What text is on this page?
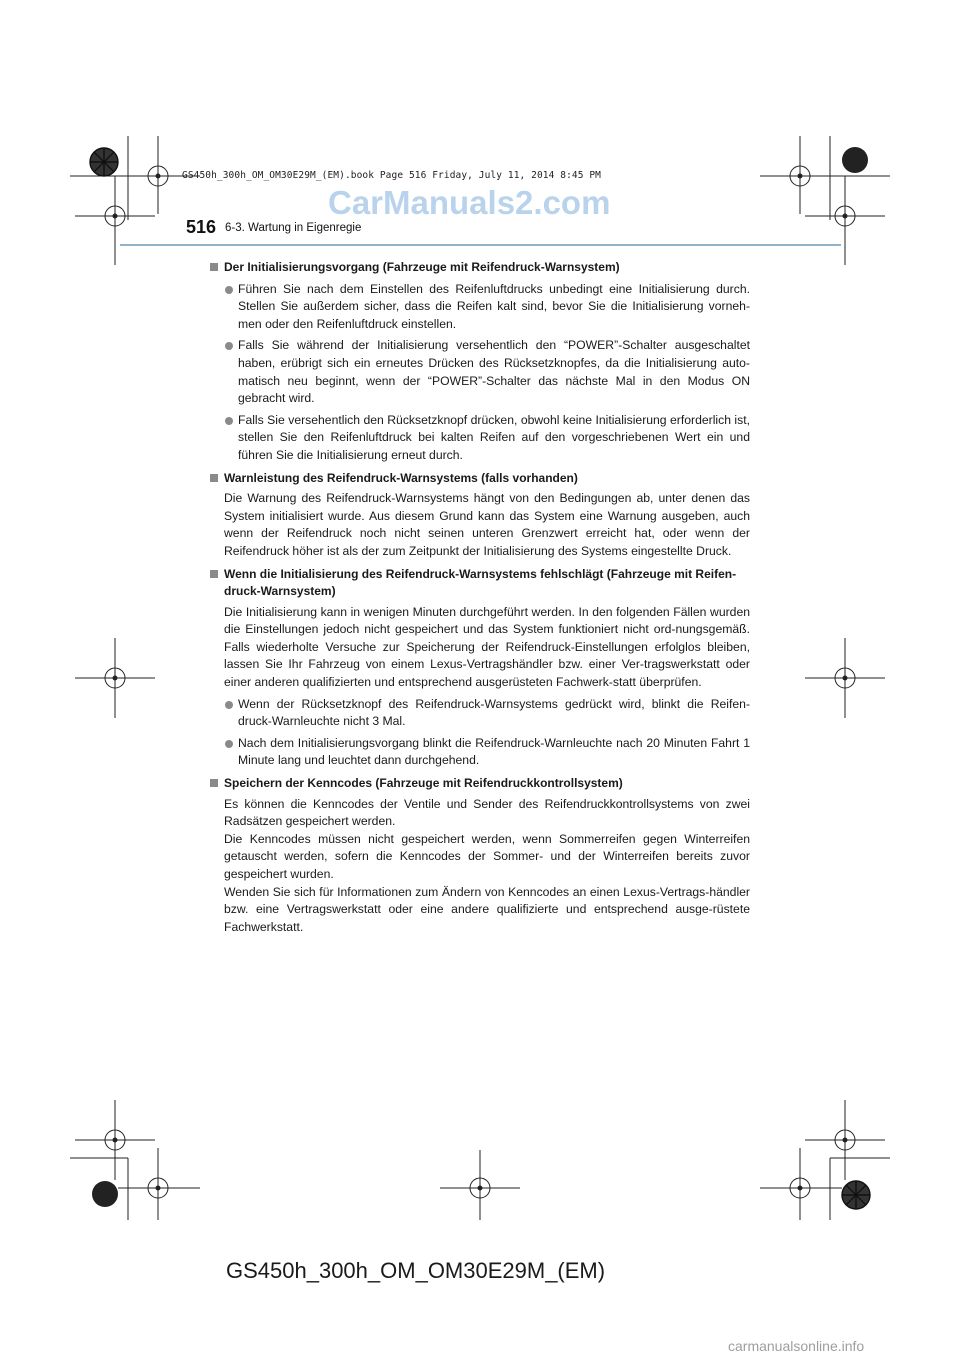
GS450h_300h_OM_OM30E29M_(EM).book Page 516 Friday, July 11, 2014 8:45 PM
CarManuals2.com
516 6-3. Wartung in Eigenregie
Der Initialisierungsvorgang (Fahrzeuge mit Reifendruck-Warnsystem)
Führen Sie nach dem Einstellen des Reifenluftdrucks unbedingt eine Initialisierung durch. Stellen Sie außerdem sicher, dass die Reifen kalt sind, bevor Sie die Initialisierung vorneh-men oder den Reifenluftdruck einstellen.
Falls Sie während der Initialisierung versehentlich den “POWER”-Schalter ausgeschaltet haben, erübrigt sich ein erneutes Drücken des Rücksetzknopfes, da die Initialisierung auto-matisch neu beginnt, wenn der “POWER”-Schalter das nächste Mal in den Modus ON gebracht wird.
Falls Sie versehentlich den Rücksetzknopf drücken, obwohl keine Initialisierung erforderlich ist, stellen Sie den Reifenluftdruck bei kalten Reifen auf den vorgeschriebenen Wert ein und führen Sie die Initialisierung erneut durch.
Warnleistung des Reifendruck-Warnsystems (falls vorhanden)
Die Warnung des Reifendruck-Warnsystems hängt von den Bedingungen ab, unter denen das System initialisiert wurde. Aus diesem Grund kann das System eine Warnung ausgeben, auch wenn der Reifendruck noch nicht seinen unteren Grenzwert erreicht hat, oder wenn der Reifendruck höher ist als der zum Zeitpunkt der Initialisierung des Systems eingestellte Druck.
Wenn die Initialisierung des Reifendruck-Warnsystems fehlschlägt (Fahrzeuge mit Reifen-druck-Warnsystem)
Die Initialisierung kann in wenigen Minuten durchgeführt werden. In den folgenden Fällen wurden die Einstellungen jedoch nicht gespeichert und das System funktioniert nicht ord-nungsgemäß. Falls wiederholte Versuche zur Speicherung der Reifendruck-Einstellungen erfolglos bleiben, lassen Sie Ihr Fahrzeug von einem Lexus-Vertragshändler bzw. einer Ver-tragswerkstatt oder einer anderen qualifizierten und entsprechend ausgerüsteten Fachwerk-statt überprüfen.
Wenn der Rücksetzknopf des Reifendruck-Warnsystems gedrückt wird, blinkt die Reifen-druck-Warnleuchte nicht 3 Mal.
Nach dem Initialisierungsvorgang blinkt die Reifendruck-Warnleuchte nach 20 Minuten Fahrt 1 Minute lang und leuchtet dann durchgehend.
Speichern der Kenncodes (Fahrzeuge mit Reifendruckkontrollsystem)
Es können die Kenncodes der Ventile und Sender des Reifendruckkontrollsystems von zwei Radsätzen gespeichert werden.
Die Kenncodes müssen nicht gespeichert werden, wenn Sommerreifen gegen Winterreifen getauscht werden, sofern die Kenncodes der Sommer- und der Winterreifen bereits zuvor gespeichert wurden.
Wenden Sie sich für Informationen zum Ändern von Kenncodes an einen Lexus-Vertrags-händler bzw. eine Vertragswerkstatt oder eine andere qualifizierte und entsprechend ausge-rüstete Fachwerkstatt.
GS450h_300h_OM_OM30E29M_(EM)
carmanualsonline.info
